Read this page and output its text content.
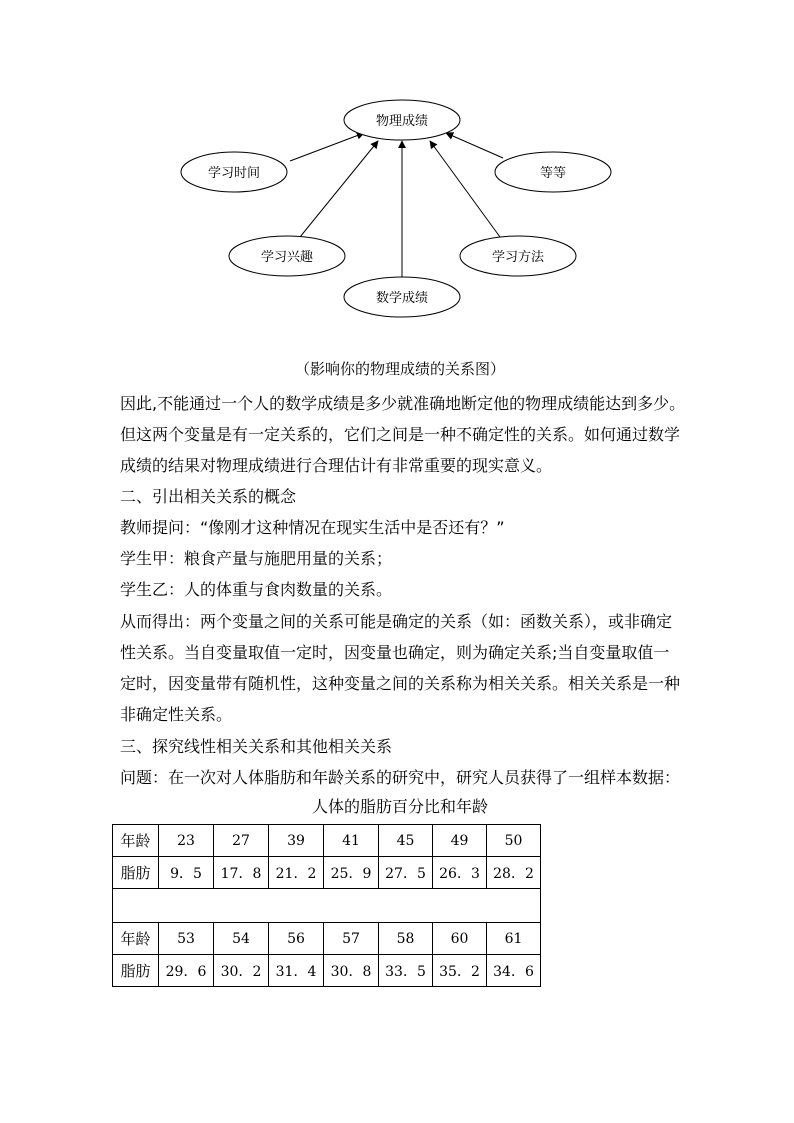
物理成绩
学习时间	等等
学习兴趣	学习方法
数学成绩
（影响你的物理成绩的关系图）
因此,不能通过一个人的数学成绩是多少就准确地断定他的物理成绩能达到多少。
但这两个变量是有一定关系的，它们之间是一种不确定性的关系。如何通过数学
成绩的结果对物理成绩进行合理估计有非常重要的现实意义。
二、引出相关关系的概念
教师提问：“像刚才这种情况在现实生活中是否还有？”
学生甲：粮食产量与施肥用量的关系；
学生乙：人的体重与食肉数量的关系。
从而得出：两个变量之间的关系可能是确定的关系（如：函数关系），或非确定
性关系。当自变量取值一定时，因变量也确定，则为确定关系;当自变量取值一
定时，因变量带有随机性，这种变量之间的关系称为相关关系。相关关系是一种
非确定性关系。
三、探究线性相关关系和其他相关关系
问题：在一次对人体脂肪和年龄关系的研究中，研究人员获得了一组样本数据：
人体的脂肪百分比和年龄
年龄	23	27	39	41	45	49	50
脂肪	9．5	17．8	21．2	25．9	27．5	26．3	28．2

年龄	53	54	56	57	58	60	61
脂肪	29．6	30．2	31．4	30．8	33．5	35．2	34．6
